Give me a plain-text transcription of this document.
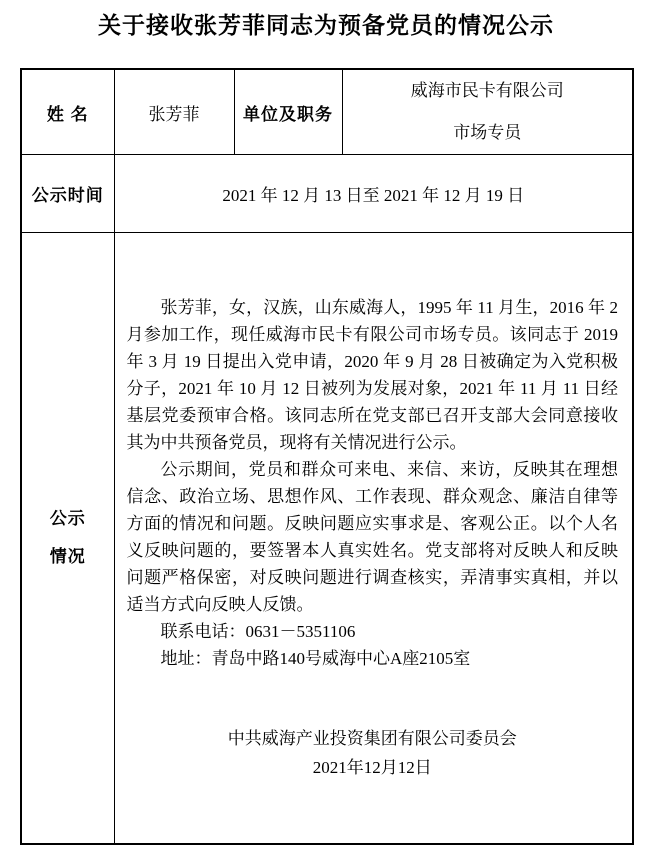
关于接收张芳菲同志为预备党员的情况公示
姓 名	张芳菲	单位及职务	威海市民卡有限公司
市场专员

公示时间	2021 年 12 月 13 日至 2021 年 12 月 19 日		

公示
情况

张芳菲，女，汉族，山东威海人，1995 年 11 月生，2016 年 2 月参加工作，现任威海市民卡有限公司市场专员。该同志于 2019 年 3 月 19 日提出入党申请，2020 年 9 月 28 日被确定为入党积极分子，2021 年 10 月 12 日被列为发展对象，2021 年 11 月 11 日经基层党委预审合格。该同志所在党支部已召开支部大会同意接收其为中共预备党员，现将有关情况进行公示。

公示期间，党员和群众可来电、来信、来访，反映其在理想信念、政治立场、思想作风、工作表现、群众观念、廉洁自律等方面的情况和问题。反映问题应实事求是、客观公正。以个人名义反映问题的，要签署本人真实姓名。党支部将对反映人和反映问题严格保密，对反映问题进行调查核实，弄清事实真相，并以适当方式向反映人反馈。

联系电话：0631－5351106

地址：青岛中路140号威海中心A座2105室

中共威海产业投资集团有限公司委员会

2021年12月12日
